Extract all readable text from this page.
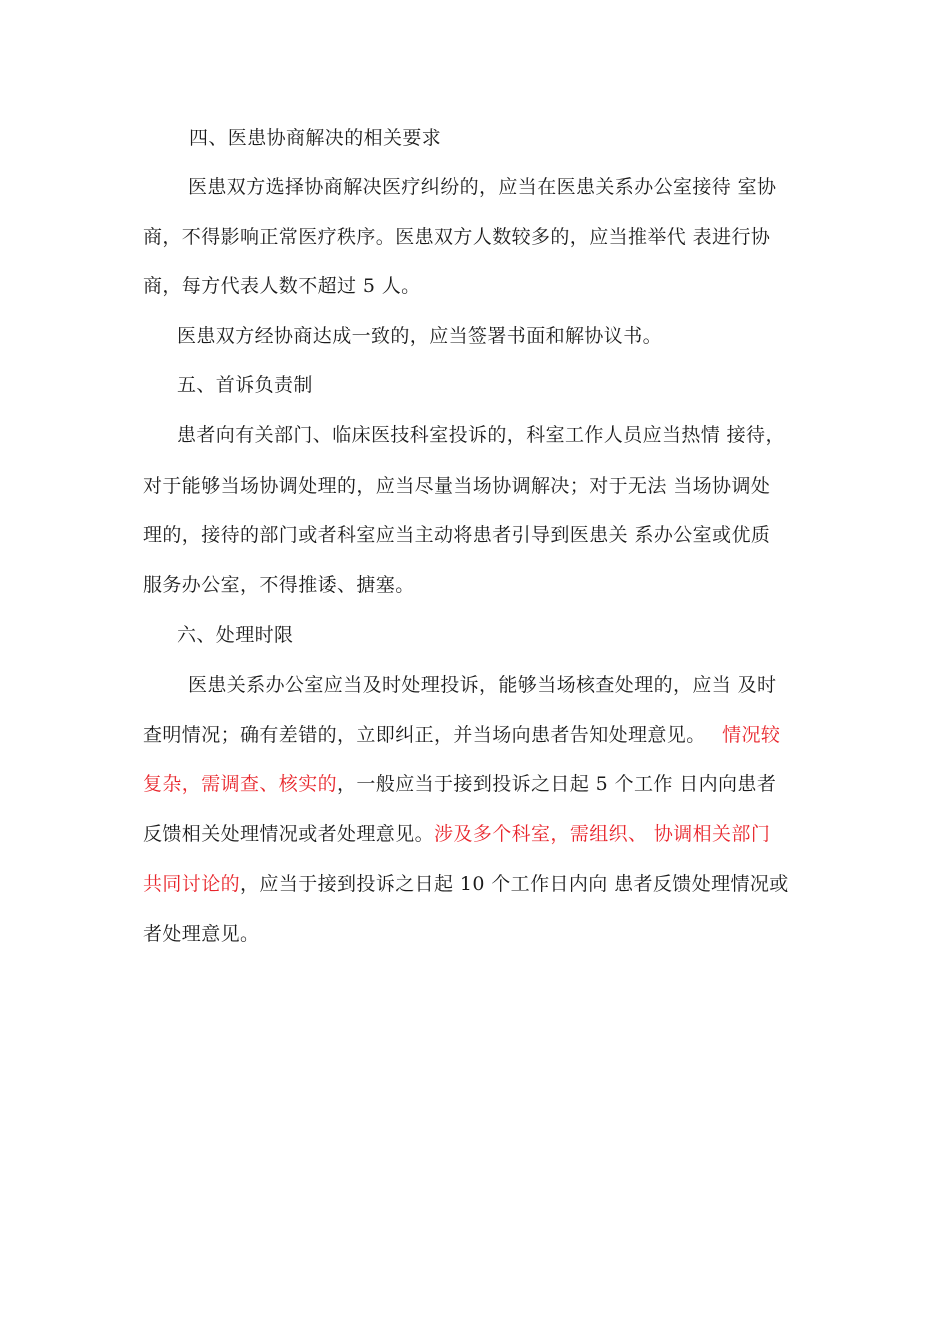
四、医患协商解决的相关要求
医患双方选择协商解决医疗纠纷的，应当在医患关系办公室接待 室协
商，不得影响正常医疗秩序。医患双方人数较多的，应当推举代 表进行协
商，每方代表人数不超过 5 人。
医患双方经协商达成一致的，应当签署书面和解协议书。
五、首诉负责制
患者向有关部门、临床医技科室投诉的，科室工作人员应当热情 接待，
对于能够当场协调处理的，应当尽量当场协调解决；对于无法 当场协调处
理的，接待的部门或者科室应当主动将患者引导到医患关 系办公室或优质
服务办公室，不得推诿、搪塞。
六、处理时限
医患关系办公室应当及时处理投诉，能够当场核查处理的，应当 及时
查明情况；确有差错的，立即纠正，并当场向患者告知处理意见。 情况较
复杂，需调查、核实的，一般应当于接到投诉之日起 5 个工作 日内向患者
反馈相关处理情况或者处理意见。涉及多个科室，需组织、 协调相关部门
共同讨论的，应当于接到投诉之日起 10 个工作日内向 患者反馈处理情况或
者处理意见。
